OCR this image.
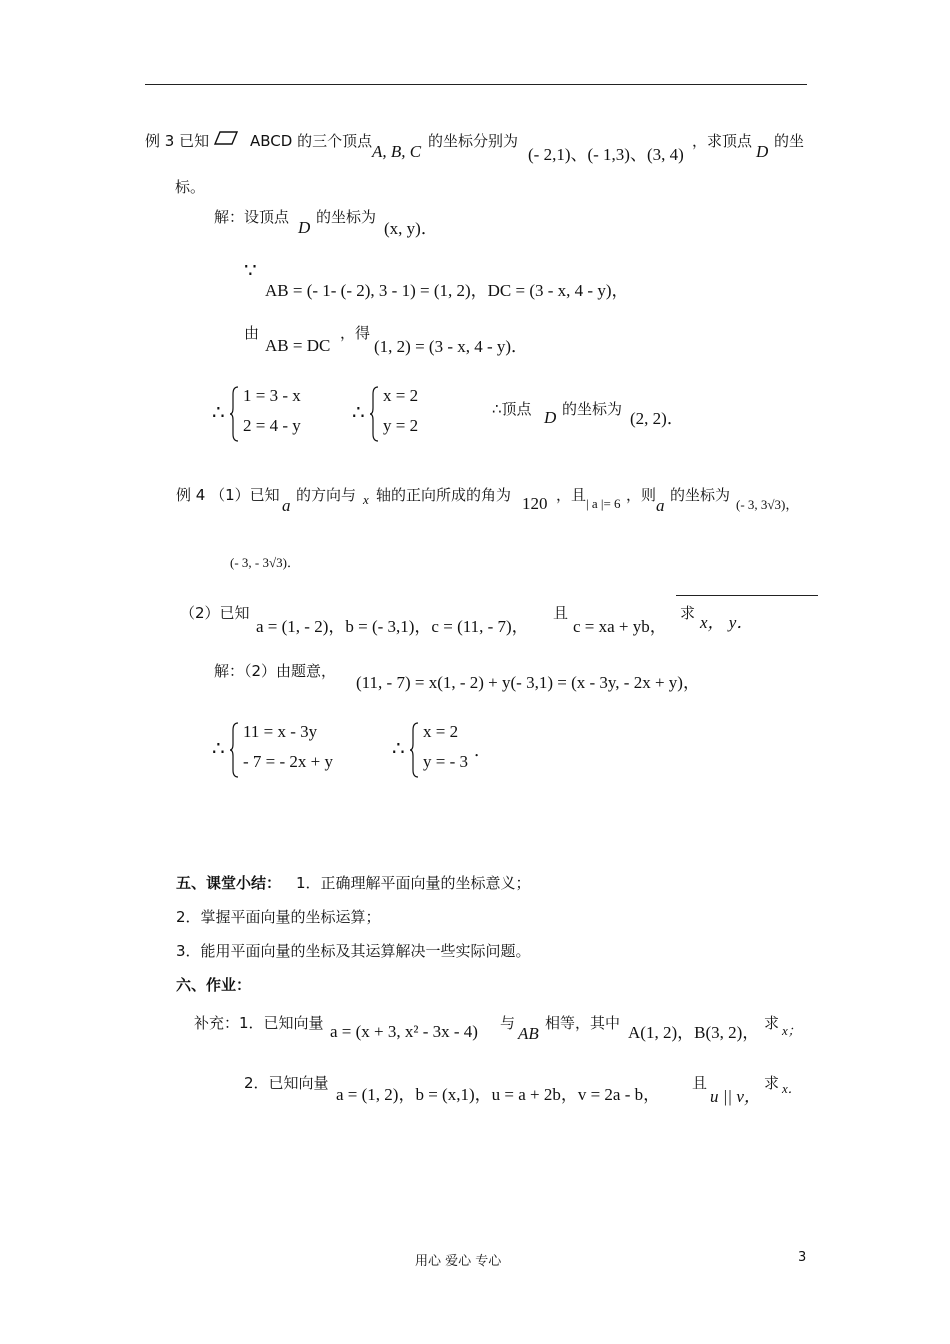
例 3 已知	ABCD 的三个顶点
A, B, C
的坐标分别为
(- 2,1)、(- 1,3)、(3, 4)
，求顶点
D
的坐
标。
解：设顶点
D
的坐标为
(x, y)．
∵
AB = (- 1- (- 2), 3 - 1) = (1, 2)，DC = (3 - x, 4 - y)，
由
AB = DC
，得
(1, 2) = (3 - x, 4 - y)．
∴
1 = 3 - x
2 = 4 - y
∴
x = 2
y = 2
∴顶点 D 的坐标为 (2, 2)．
例 4 （1）已知
a
的方向与 x 轴的正向所成的角为 120 ，且 | a |= 6 ，则
a
的坐标为
(- 3, 3√3)，
(- 3, - 3√3)．
（2）已知
a = (1, - 2)，b = (- 3,1)，c = (11, - 7)，
且
c = xa + yb，
求 x， y．
解：（2）由题意，
(11, - 7) = x(1, - 2) + y(- 3,1) = (x - 3y, - 2x + y)，
∴
11 = x - 3y
- 7 = - 2x + y
∴
x = 2
y = - 3
．
五、课堂小结： 1．正确理解平面向量的坐标意义；
2．掌握平面向量的坐标运算；
3．能用平面向量的坐标及其运算解决一些实际问题。
六、作业：
补充：1．已知向量 a = (x + 3, x² - 3x - 4) 与
AB
相等，其中 A(1, 2)，B(3, 2)， 求 x；
2．已知向量
a = (1, 2)，b = (x,1)，u = a + 2b，v = 2a - b，
且
u || v，
求 x．
用心 爱心 专心	3
